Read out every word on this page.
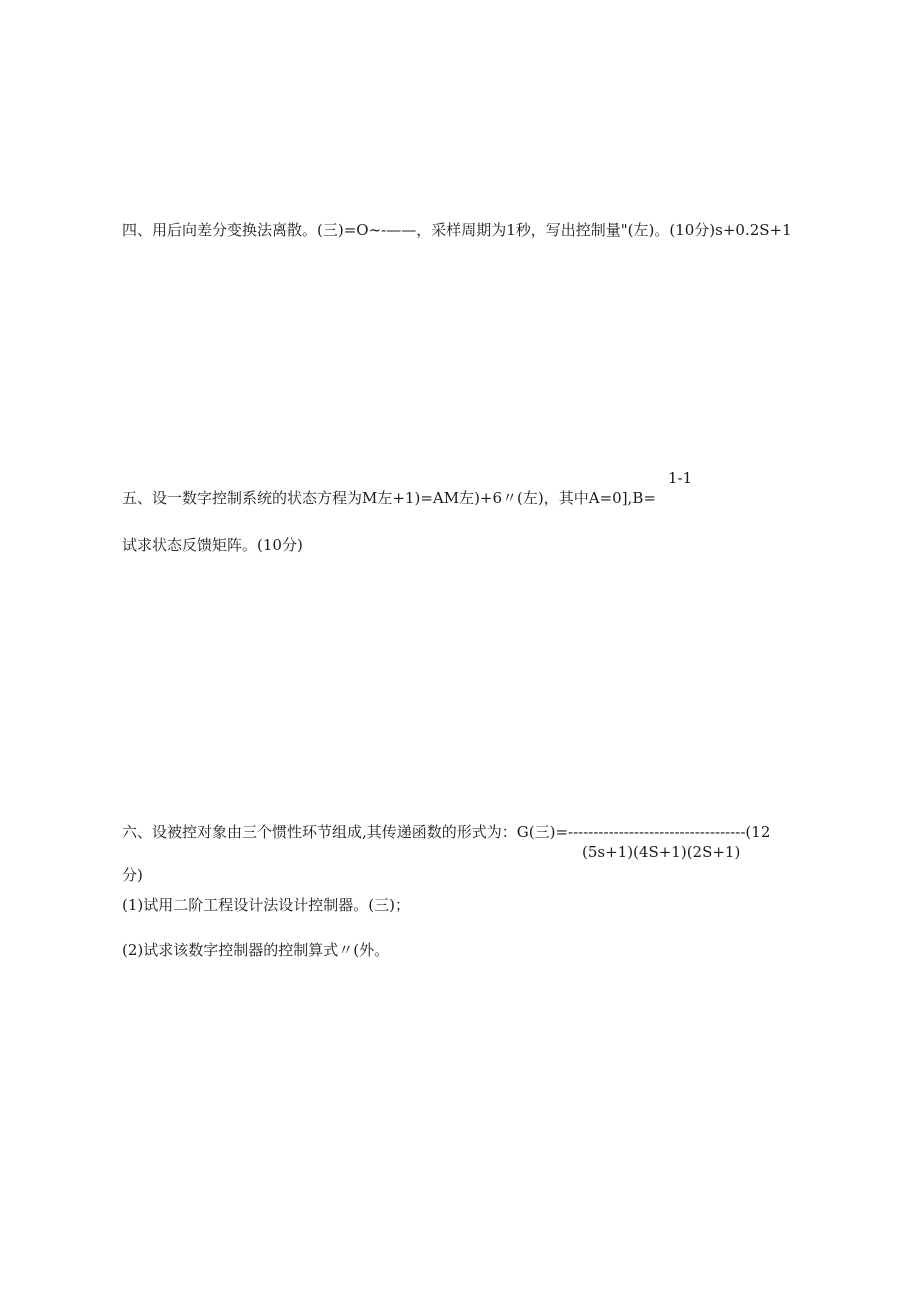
四、用后向差分变换法离散。(三)=O~-——，采样周期为1秒，写出控制量"(左)。(10分)s+0.2S+1
1-1
五、设一数字控制系统的状态方程为M左+1)=AM左)+6〃(左)，其中A=0],B=
试求状态反馈矩阵。(10分)
六、设被控对象由三个惯性环节组成,其传递函数的形式为：G(三)=-----------------------------------(12
(5s+1)(4S+1)(2S+1)
分)
(1)试用二阶工程设计法设计控制器。(三)；
(2)试求该数字控制器的控制算式〃(外。
